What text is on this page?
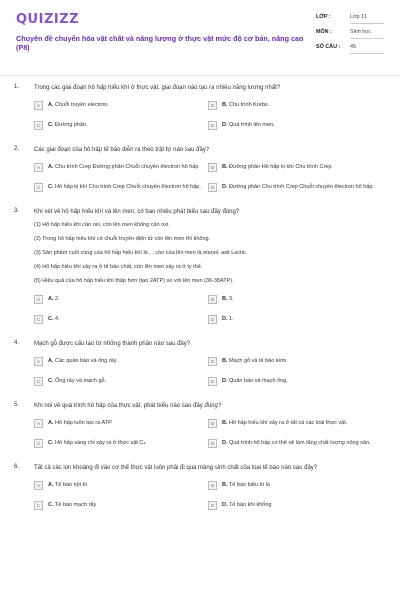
QUIZIZZ
Chuyên đề chuyển hóa vật chất và năng lượng ở thực vật mức độ cơ bản, nâng cao (P8)
LỚP :	Lớp 11
MÔN :	Sinh học
SỐ CÂU :	45
1. Trong các giai đoạn hô hấp hiếu khí ở thực vật, giai đoạn nào tạo ra nhiều năng lượng nhất?
A	A. Chuỗi truyền electron.	B	B. Chu trình Krebs.
C	C. Đường phân.	D	D. Quá trình lên men.
2. Các giai đoạn của hô hấp tế bào diễn ra theo trật tự nào sau đây?
A	A. Chu trình Crep Đường phân Chuỗi chuyền êlectron hô hấp	B	B. Đường phân Hô hấp kị khí Chu trình Crep.
C	C. Hô hấp kị khí Chu trình Crep Chuỗi chuyền êlectron hô hấp.	D	D. Đường phân Chu trình Crep Chuỗi chuyền êlectron hô hấp.
3. Khi xét về hô hấp hiếu khí và lên men, có bao nhiêu phát biểu sau đây đúng?
(1) Hô hấp hiếu khí cần oxi, còn lên men không cần oxi.
(2) Trong hô hấp hiếu khí có chuỗi truyền điện tử còn lên men thì không.
(3) Sản phẩm cuối cùng của hô hấp hiếu khí là , , còn của lên men là etanol, axit Lactic.
(4) Hô hấp hiếu khí xảy ra ở tế bào chất, còn lên men xảy ra ở ty thể.
(5) Hiệu quả của hô hấp hiếu khí thấp hơn (tạo 2ATP) so với lên men (36-38ATP).
A	A. 2.	B	B. 3.
C	C. 4.	D	D. 1.
4. Mạch gỗ được cấu tạo từ những thành phần nào sau đây?
A	A. Các quản bào và ống rây.	B	B. Mạch gỗ và tế bào kèm.
C	C. Ống rây và mạch gỗ.	D	D. Quản bào và mạch ống.
5. Khi nói về quá trình hô hấp của thực vật, phát biểu nào sau đây đúng?
A	A. Hô hấp luôn tạo ra ATP.	B	B. Hô hấp hiếu khí xảy ra ở tất cả các loài thực vật.
C	C. Hô hấp sáng chỉ xảy ra ở thực vật C₄	D	D. Quá trình hô hấp có thể sẽ làm tăng chất lượng nông sản.
6. Tất cả các ion khoáng đi vào cơ thể thực vật luôn phải đi qua màng sinh chất của loại tế bào nào sau đây?
A	A. Tế bào nội bì	B	B. Tế bào biểu bì lá
C	C. Tế bào mạch rây	D	D. Tế bào khí khổng
